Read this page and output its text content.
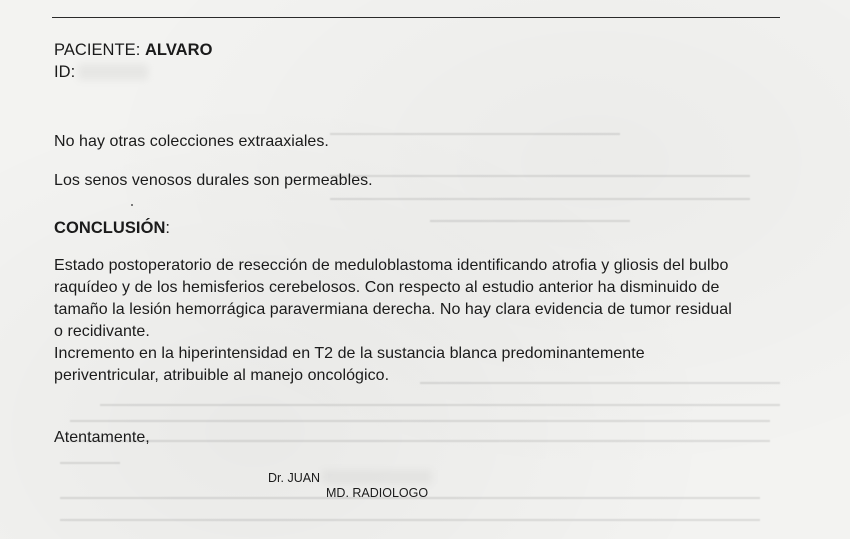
PACIENTE: ALVARO
ID:
No hay otras colecciones extraaxiales.
Los senos venosos durales son permeables.
CONCLUSIÓN:
Estado postoperatorio de resección de meduloblastoma identificando atrofia y gliosis del bulbo
raquídeo y de los hemisferios cerebelosos. Con respecto al estudio anterior ha disminuido de
tamaño la lesión hemorrágica paravermiana derecha. No hay clara evidencia de tumor residual
o recidivante.
Incremento en la hiperintensidad en T2 de la sustancia blanca predominantemente
periventricular, atribuible al manejo oncológico.
Atentamente,
Dr. JUAN
MD. RADIOLOGO
